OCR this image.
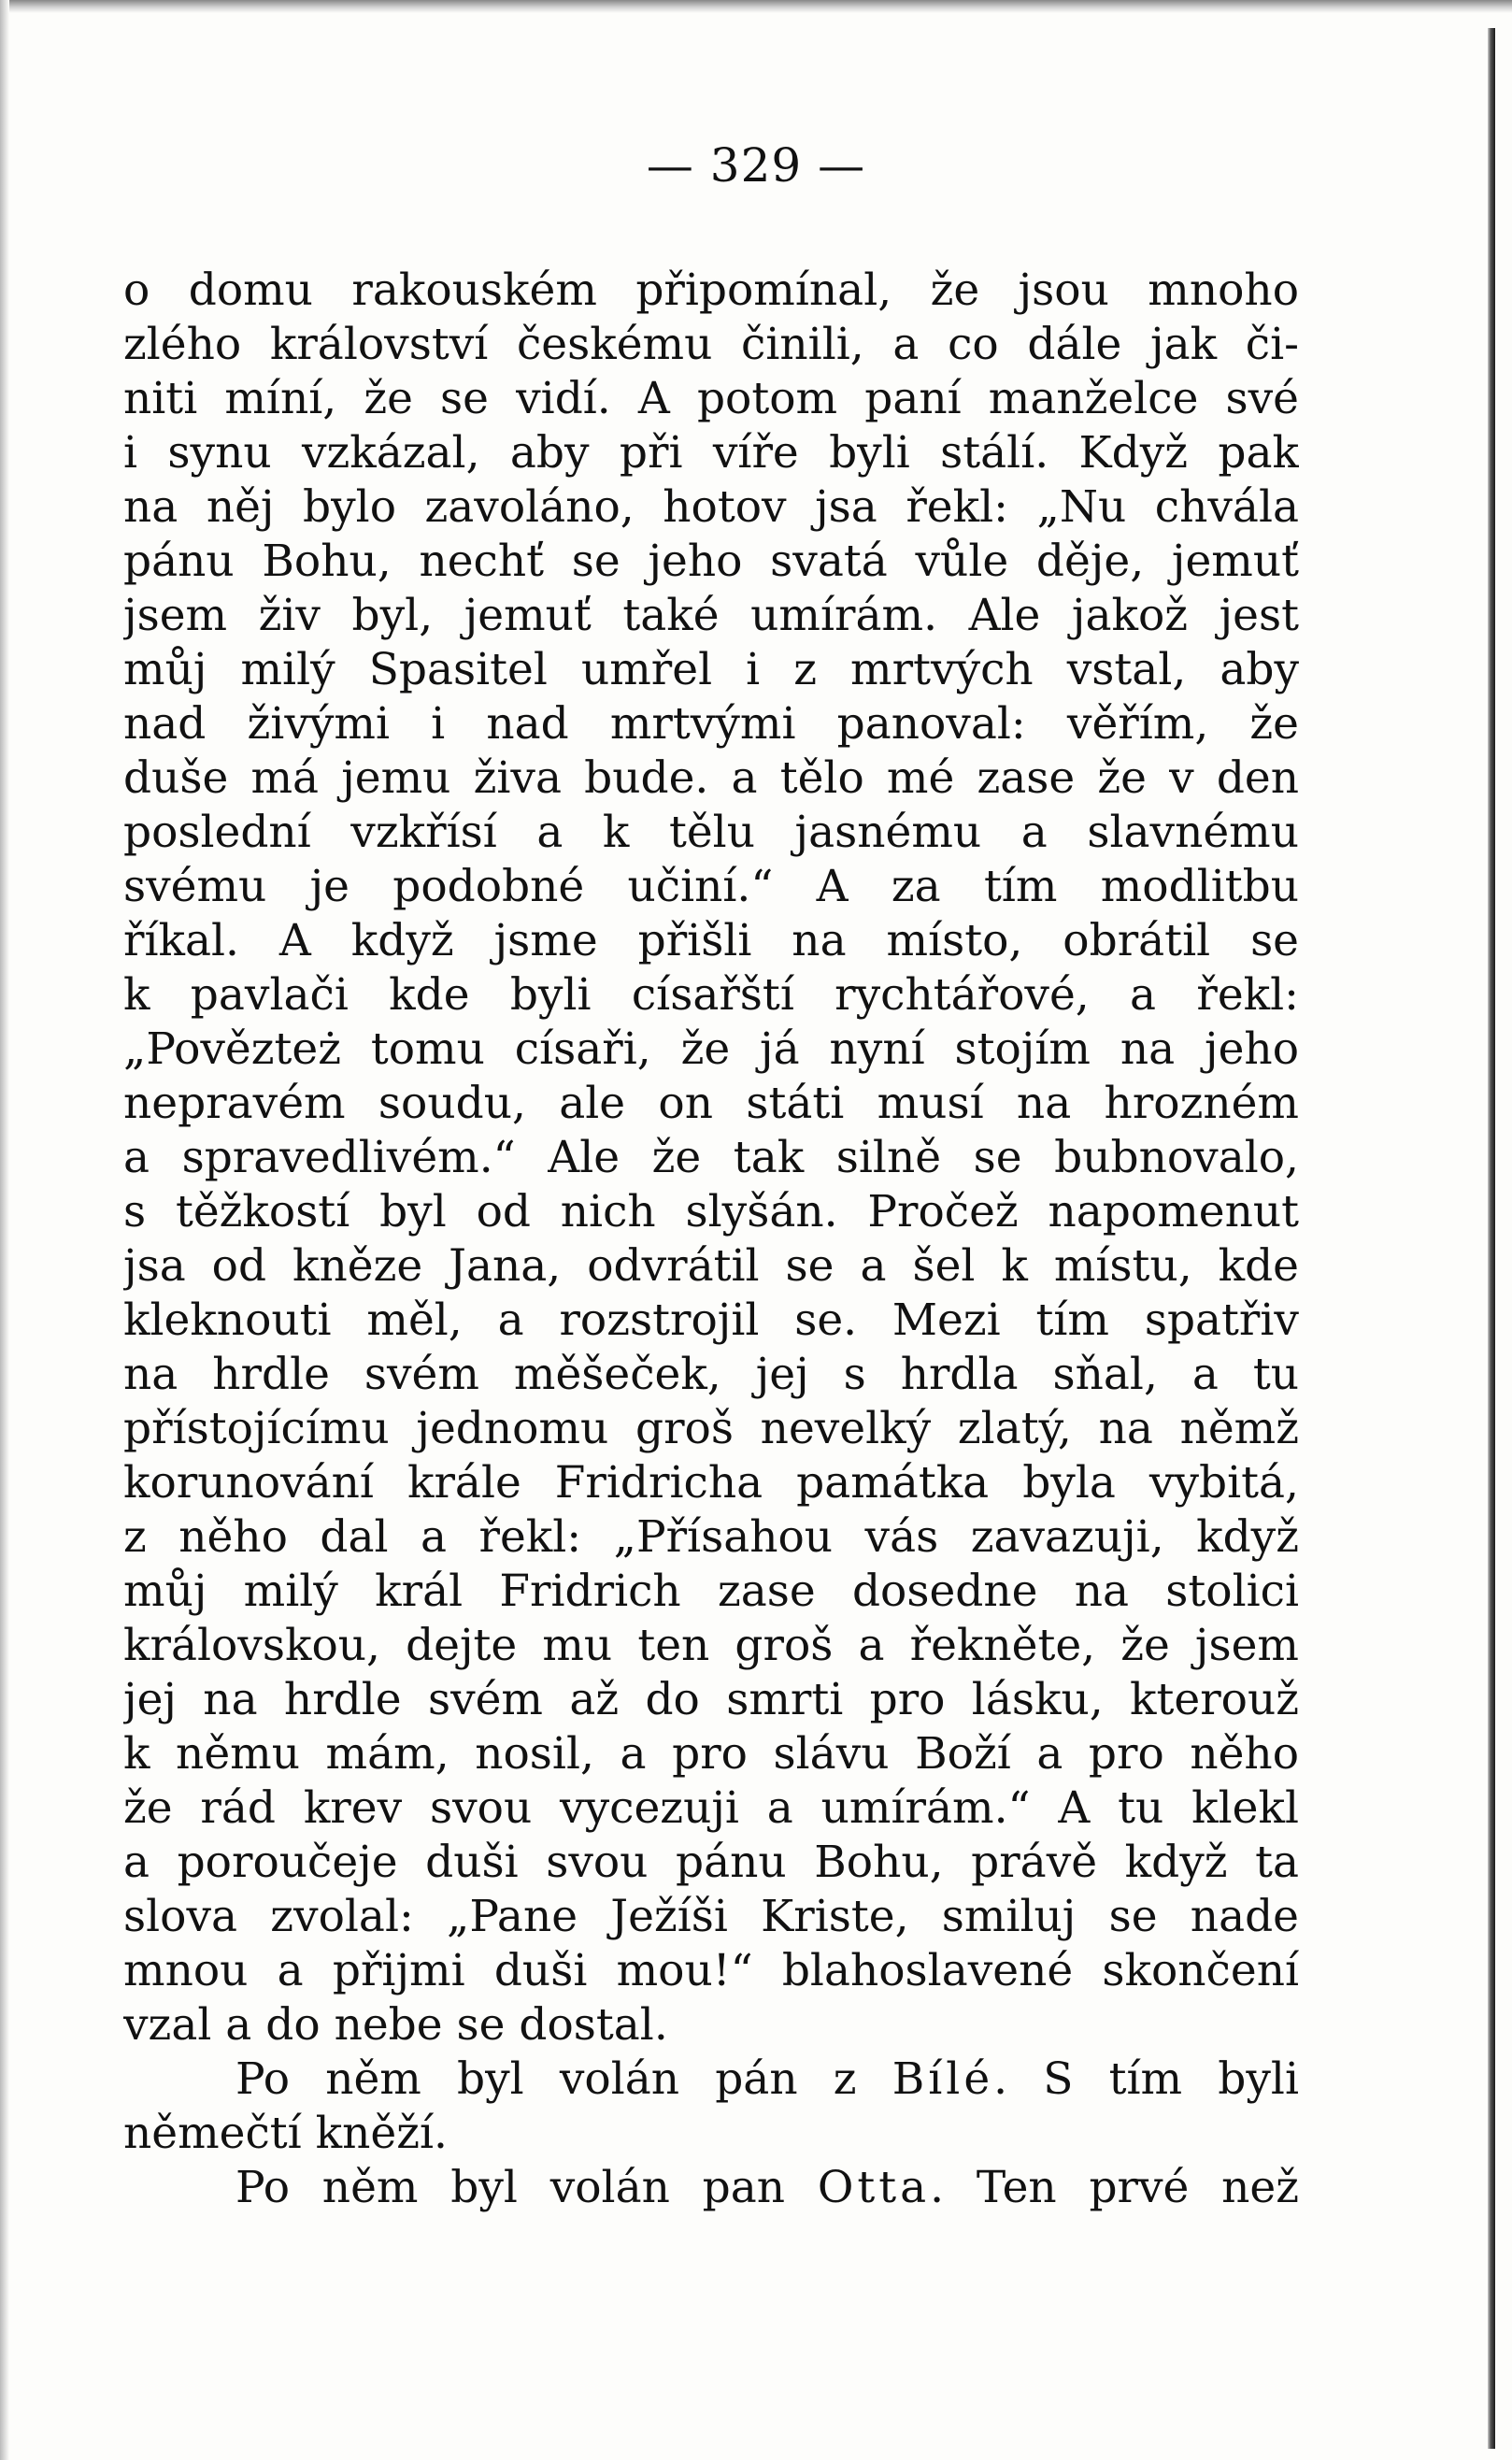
— 329 —
o domu rakouském připomínal, že jsou mnoho
zlého království českému činili, a co dále jak či-
niti míní, že se vidí. A potom paní manželce své
i synu vzkázal, aby při víře byli stálí. Když pak
na něj bylo zavoláno, hotov jsa řekl: „Nu chvála
pánu Bohu, nechť se jeho svatá vůle děje, jemuť
jsem živ byl, jemuť také umírám. Ale jakož jest
můj milý Spasitel umřel i z mrtvých vstal, aby
nad živými i nad mrtvými panoval: věřím, že
duše má jemu živa bude. a tělo mé zase že v den
poslední vzkřísí a k tělu jasnému a slavnému
svému je podobné učiní.“ A za tím modlitbu
říkal. A když jsme přišli na místo, obrátil se
k pavlači kde byli císařští rychtářové, a řekl:
„Povězteż tomu císaři, že já nyní stojím na jeho
nepravém soudu, ale on státi musí na hrozném
a spravedlivém.“ Ale že tak silně se bubnovalo,
s těžkostí byl od nich slyšán. Pročež napomenut
jsa od kněze Jana, odvrátil se a šel k místu, kde
kleknouti měl, a rozstrojil se. Mezi tím spatřiv
na hrdle svém měšeček, jej s hrdla sňal, a tu
přístojícímu jednomu groš nevelký zlatý, na němž
korunování krále Fridricha památka byla vybitá,
z něho dal a řekl: „Přísahou vás zavazuji, když
můj milý král Fridrich zase dosedne na stolici
královskou, dejte mu ten groš a řekněte, že jsem
jej na hrdle svém až do smrti pro lásku, kterouž
k němu mám, nosil, a pro slávu Boží a pro něho
že rád krev svou vycezuji a umírám.“ A tu klekl
a poroučeje duši svou pánu Bohu, právě když ta
slova zvolal: „Pane Ježíši Kriste, smiluj se nade
mnou a přijmi duši mou!“ blahoslavené skončení
vzal a do nebe se dostal.
Po něm byl volán pán z Bílé. S tím byli
němečtí kněží.
Po něm byl volán pan Otta. Ten prvé než
